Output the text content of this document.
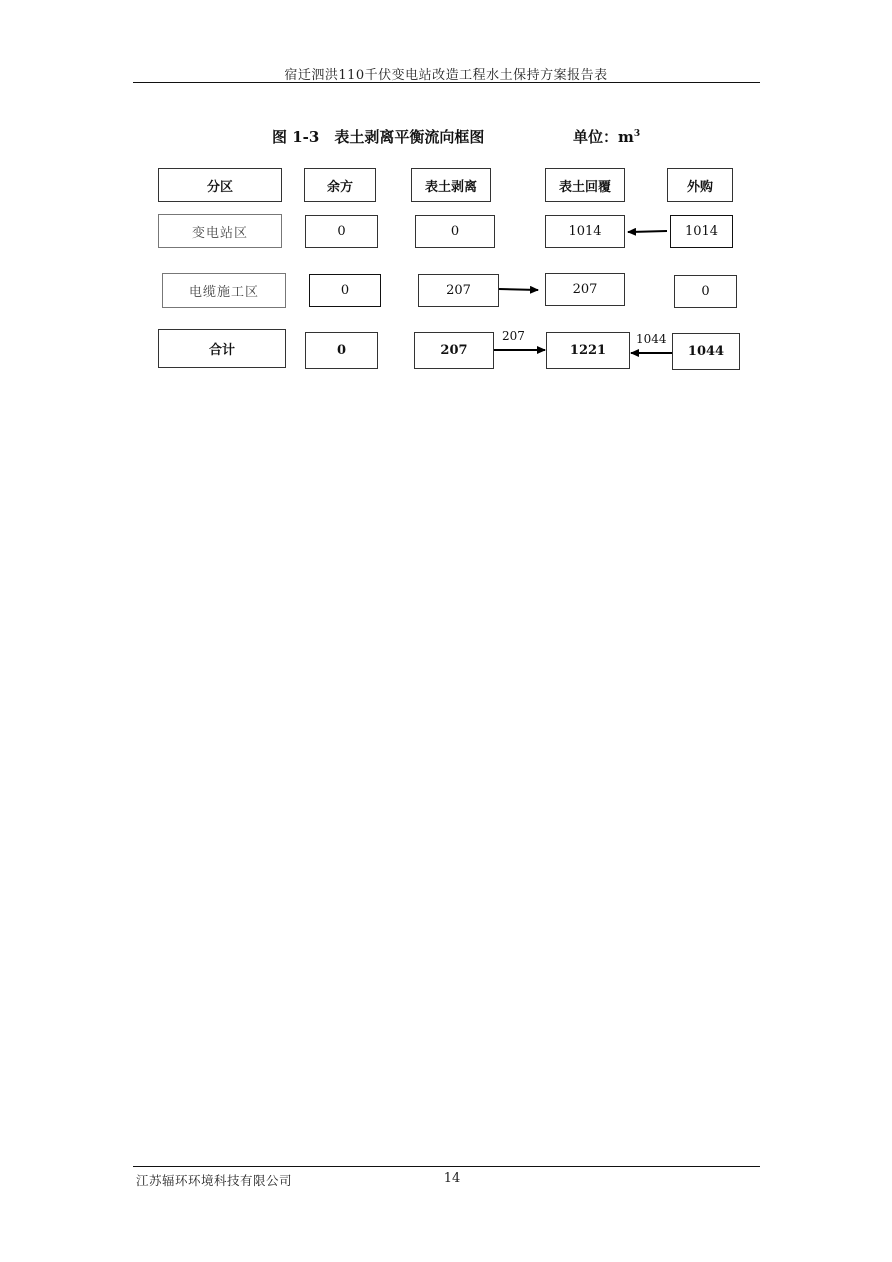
宿迁泗洪110千伏变电站改造工程水土保持方案报告表
图 1-3　表土剥离平衡流向框图	单位：$m^3$
分区	余方	表土剥离	表土回覆	外购
变电站区	0	0	1014	1014
电缆施工区	0	207	207	0
合计	0	207	1221	1044
207	1044
江苏辐环环境科技有限公司	14
